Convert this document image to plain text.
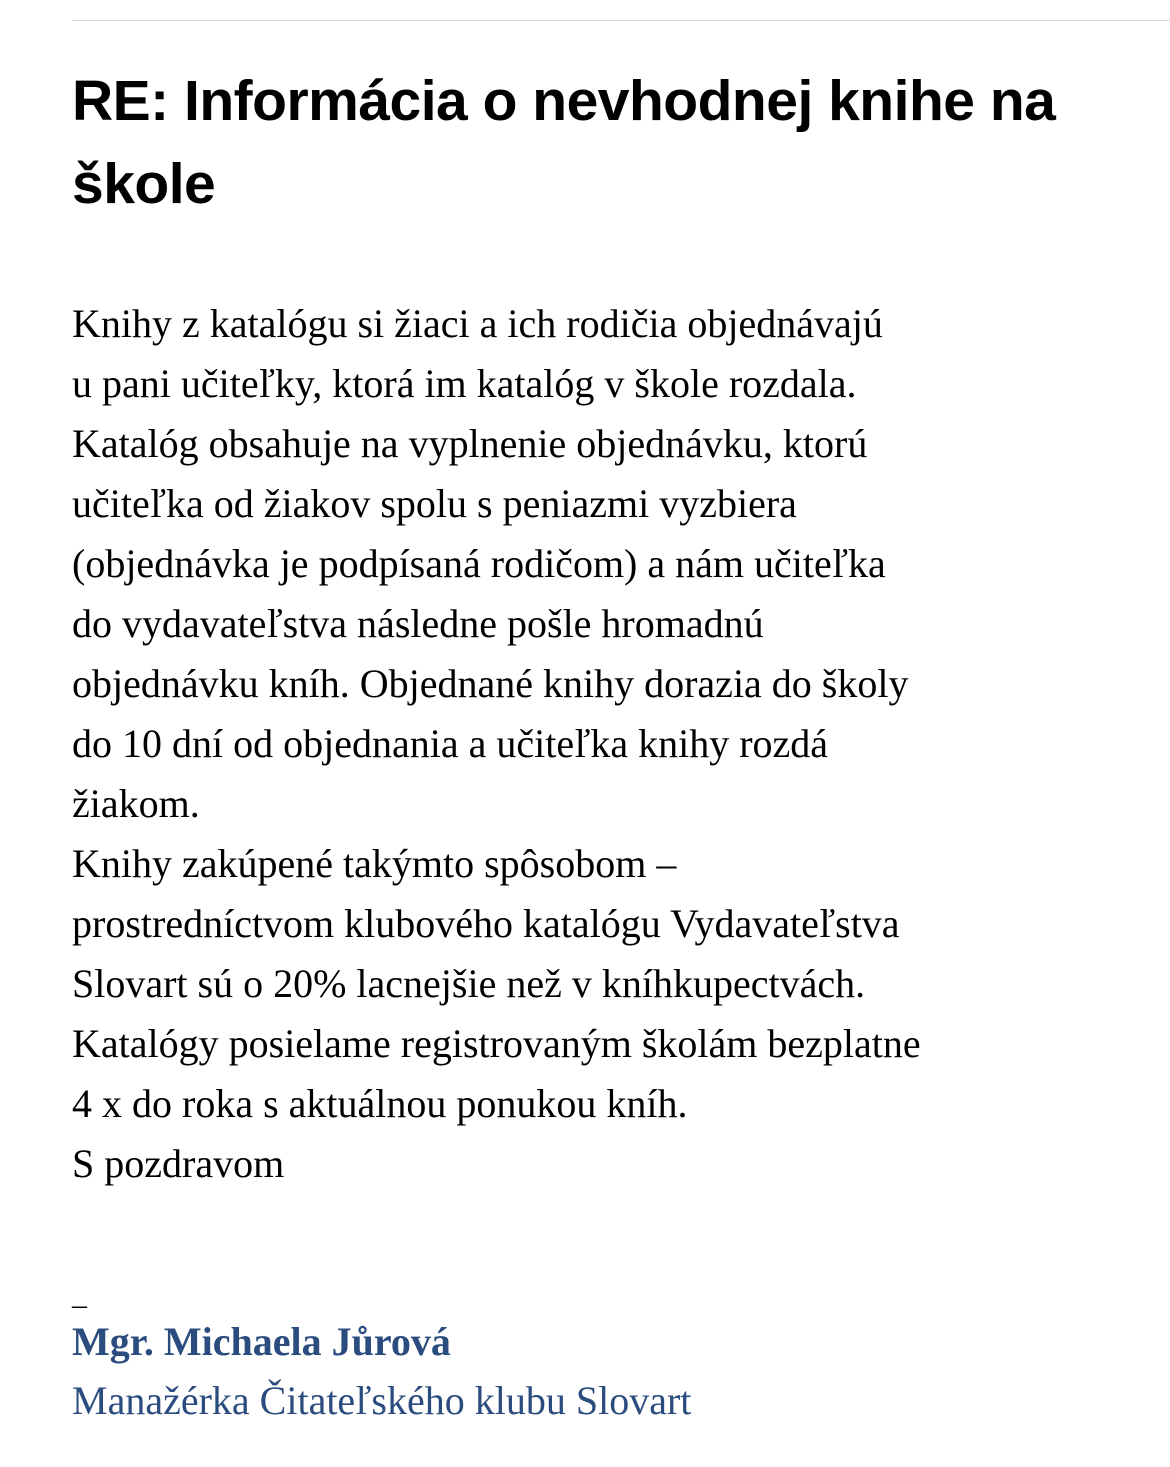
RE: Informácia o nevhodnej knihe na škole

Knihy z katalógu si žiaci a ich rodičia objednávajú

u pani učiteľky, ktorá im katalóg v škole rozdala.

Katalóg obsahuje na vyplnenie objednávku, ktorú

učiteľka od žiakov spolu s peniazmi vyzbiera

(objednávka je podpísaná rodičom) a nám učiteľka

do vydavateľstva následne pošle hromadnú

objednávku kníh. Objednané knihy dorazia do školy

do 10 dní od objednania a učiteľka knihy rozdá

žiakom.

Knihy zakúpené takýmto spôsobom –

prostredníctvom klubového katalógu Vydavateľstva

Slovart sú o 20% lacnejšie než v kníhkupectvách.

Katalógy posielame registrovaným školám bezplatne

4 x do roka s aktuálnou ponukou kníh.

S pozdravom

_
Mgr. Michaela Jůrová
Manažérka Čitateľského klubu Slovart
